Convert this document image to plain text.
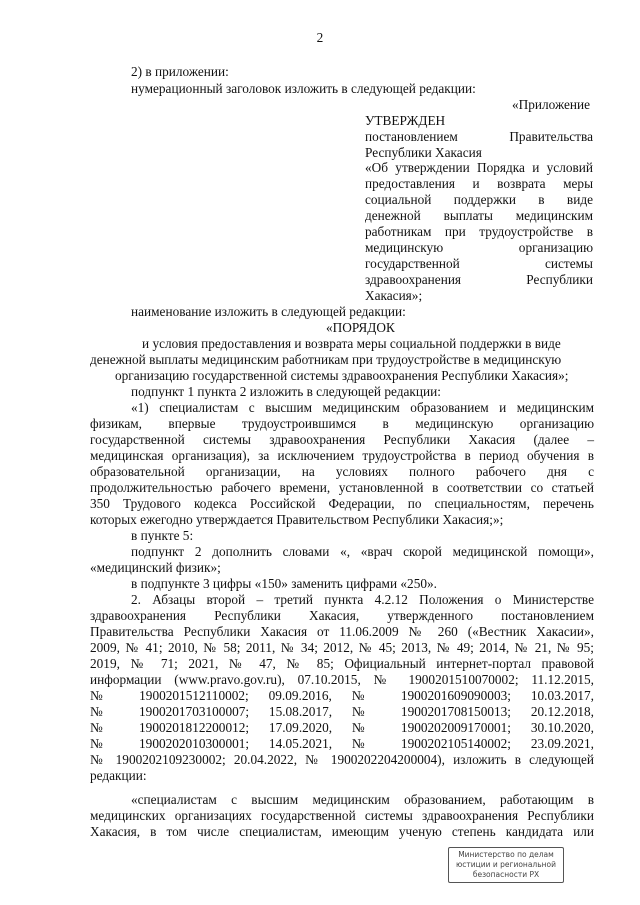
2
2) в приложении:
нумерационный заголовок изложить в следующей редакции:
«Приложение
УТВЕРЖДЕН
постановлением Правительства
Республики Хакасия
«Об утверждении Порядка и условий
предоставления и возврата меры
социальной поддержки в виде
денежной выплаты медицинским
работникам при трудоустройстве в
медицинскую организацию
государственной системы
здравоохранения Республики
Хакасия»;
наименование изложить в следующей редакции:
«ПОРЯДОК
и условия предоставления и возврата меры социальной поддержки в виде
денежной выплаты медицинским работникам при трудоустройстве в медицинскую
организацию государственной системы здравоохранения Республики Хакасия»;
подпункт 1 пункта 2 изложить в следующей редакции:
«1) специалистам с высшим медицинским образованием и медицинским
физикам, впервые трудоустроившимся в медицинскую организацию
государственной системы здравоохранения Республики Хакасия (далее –
медицинская организация), за исключением трудоустройства в период обучения в
образовательной организации, на условиях полного рабочего дня с
продолжительностью рабочего времени, установленной в соответствии со статьей
350 Трудового кодекса Российской Федерации, по специальностям, перечень
которых ежегодно утверждается Правительством Республики Хакасия;»;
в пункте 5:
подпункт 2 дополнить словами «, «врач скорой медицинской помощи»,
«медицинский физик»;
в подпункте 3 цифры «150» заменить цифрами «250».
2. Абзацы второй – третий пункта 4.2.12 Положения о Министерстве
здравоохранения Республики Хакасия, утвержденного постановлением
Правительства Республики Хакасия от 11.06.2009 № 260 («Вестник Хакасии»,
2009, № 41; 2010, № 58; 2011, № 34; 2012, № 45; 2013, № 49; 2014, № 21, № 95;
2019, № 71; 2021, № 47, № 85; Официальный интернет-портал правовой
информации (www.pravo.gov.ru), 07.10.2015, № 1900201510070002; 11.12.2015,
№ 1900201512110002; 09.09.2016, № 1900201609090003; 10.03.2017,
№ 1900201703100007; 15.08.2017, № 1900201708150013; 20.12.2018,
№ 1900201812200012; 17.09.2020, № 1900202009170001; 30.10.2020,
№ 1900202010300001; 14.05.2021, № 1900202105140002; 23.09.2021,
№ 1900202109230002; 20.04.2022, № 1900202204200004), изложить в следующей
редакции:
«специалистам с высшим медицинским образованием, работающим в
медицинских организациях государственной системы здравоохранения Республики
Хакасия, в том числе специалистам, имеющим ученую степень кандидата или
Министерство по делам
юстиции и региональной
безопасности РХ
